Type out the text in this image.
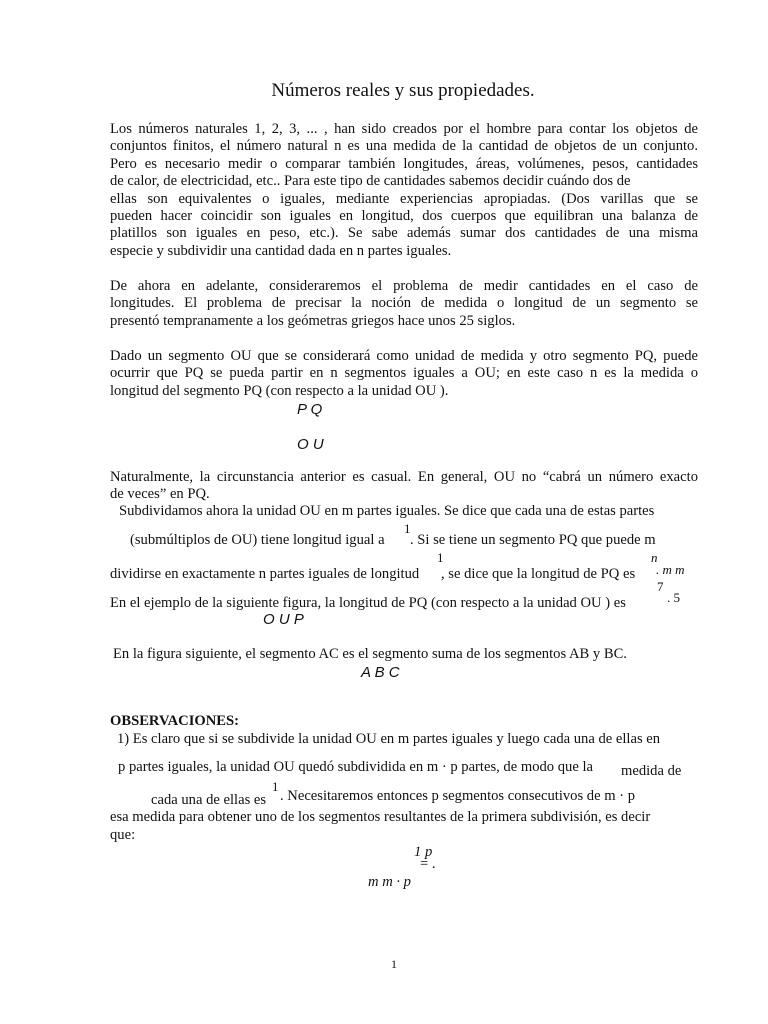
Números reales y sus propiedades.
Los números naturales 1, 2, 3, ... , han sido creados por el hombre para contar los objetos de
conjuntos finitos, el número natural n es una medida de la cantidad de objetos de un conjunto.
Pero es necesario medir o comparar también longitudes, áreas, volúmenes, pesos, cantidades
de calor, de electricidad, etc.. Para este tipo de cantidades sabemos decidir cuándo dos de
ellas son equivalentes o iguales, mediante experiencias apropiadas. (Dos varillas que se
pueden hacer coincidir son iguales en longitud, dos cuerpos que equilibran una balanza de
platillos son iguales en peso, etc.). Se sabe además sumar dos cantidades de una misma
especie y subdividir una cantidad dada en n partes iguales.
De ahora en adelante, consideraremos el problema de medir cantidades en el caso de
longitudes. El problema de precisar la noción de medida o longitud de un segmento se
presentó tempranamente a los geómetras griegos hace unos 25 siglos.
Dado un segmento OU que se considerará como unidad de medida y otro segmento PQ, puede
ocurrir que PQ se pueda partir en n segmentos iguales a OU; en este caso n es la medida o
longitud del segmento PQ (con respecto a la unidad OU ).
P Q
O U
Naturalmente, la circunstancia anterior es casual. En general, OU no “cabrá un número exacto
de veces” en PQ.
Subdividamos ahora la unidad OU en m partes iguales. Se dice que cada una de estas partes
1
(submúltiplos de OU) tiene longitud igual a . Si se tiene un segmento PQ que puede m
1	n
dividirse en exactamente n partes iguales de longitud , se dice que la longitud de PQ es . m m
7
En el ejemplo de la siguiente figura, la longitud de PQ (con respecto a la unidad OU ) es	. 5
O U P
En la figura siguiente, el segmento AC es el segmento suma de los segmentos AB y BC.
A B C
OBSERVACIONES:
1) Es claro que si se subdivide la unidad OU en m partes iguales y luego cada una de ellas en
p partes iguales, la unidad OU quedó subdividida en m · p partes, de modo que la medida de
1
cada una de ellas es . Necesitaremos entonces p segmentos consecutivos de m · p
esa medida para obtener uno de los segmentos resultantes de la primera subdivisión, es decir
que:
1 p
= .
m m · p
1
